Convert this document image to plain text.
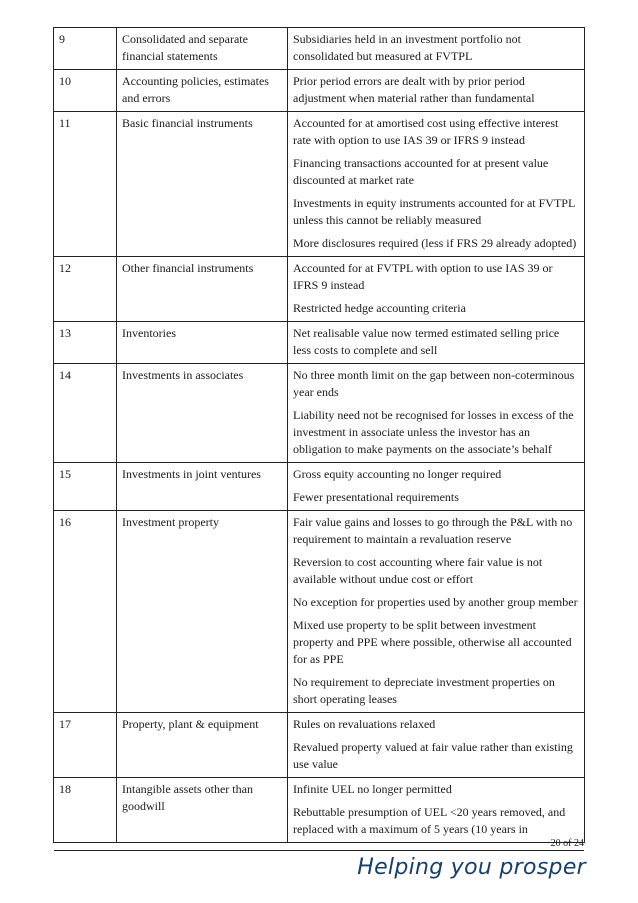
9	Consolidated and separate financial statements	Subsidiaries held in an investment portfolio not consolidated but measured at FVTPL

10	Accounting policies, estimates and errors	Prior period errors are dealt with by prior period adjustment when material rather than fundamental

11	Basic financial instruments	Accounted for at amortised cost using effective interest rate with option to use IAS 39 or IFRS 9 instead

Financing transactions accounted for at present value discounted at market rate

Investments in equity instruments accounted for at FVTPL unless this cannot be reliably measured

More disclosures required (less if FRS 29 already adopted)

12	Other financial instruments	Accounted for at FVTPL with option to use IAS 39 or IFRS 9 instead

Restricted hedge accounting criteria

13	Inventories	Net realisable value now termed estimated selling price less costs to complete and sell

14	Investments in associates	No three month limit on the gap between non-coterminous year ends

Liability need not be recognised for losses in excess of the investment in associate unless the investor has an obligation to make payments on the associate’s behalf

15	Investments in joint ventures	Gross equity accounting no longer required

Fewer presentational requirements

16	Investment property	Fair value gains and losses to go through the P&L with no requirement to maintain a revaluation reserve

Reversion to cost accounting where fair value is not available without undue cost or effort

No exception for properties used by another group member

Mixed use property to be split between investment property and PPE where possible, otherwise all accounted for as PPE

No requirement to depreciate investment properties on short operating leases

17	Property, plant & equipment	Rules on revaluations relaxed

Revalued property valued at fair value rather than existing use value

18	Intangible assets other than goodwill	Infinite UEL no longer permitted

Rebuttable presumption of UEL <20 years removed, and replaced with a maximum of 5 years (10 years in

20 of 24
Helping you prosper
